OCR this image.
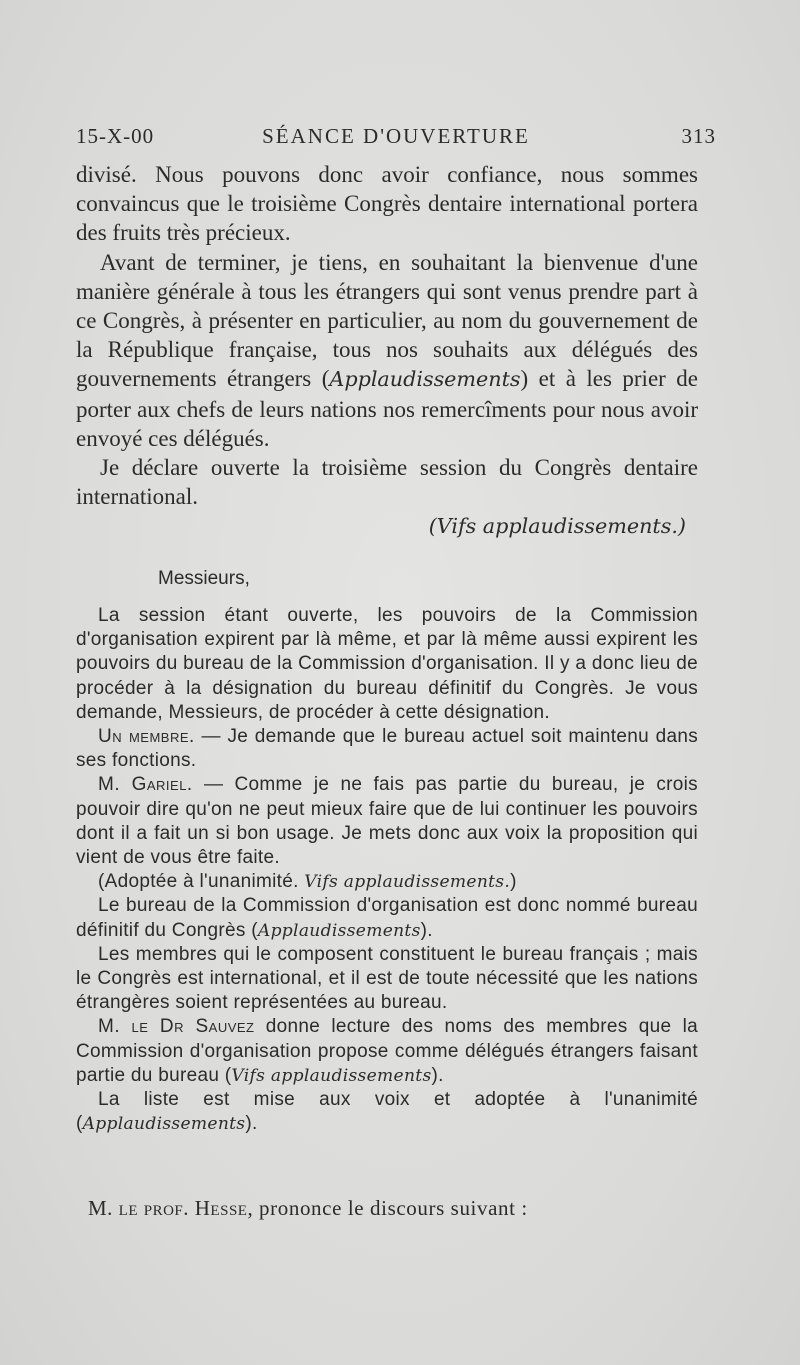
15-X-00	SÉANCE D'OUVERTURE	313

divisé. Nous pouvons donc avoir confiance, nous sommes convaincus que le troisième Congrès dentaire international portera des fruits très précieux.

Avant de terminer, je tiens, en souhaitant la bienvenue d'une manière générale à tous les étrangers qui sont venus prendre part à ce Congrès, à présenter en particulier, au nom du gouvernement de la République française, tous nos souhaits aux délégués des gouvernements étrangers (Applaudissements) et à les prier de porter aux chefs de leurs nations nos remercîments pour nous avoir envoyé ces délégués.

Je déclare ouverte la troisième session du Congrès dentaire international.

(Vifs applaudissements.)

Messieurs,

La session étant ouverte, les pouvoirs de la Commission d'organisation expirent par là même, et par là même aussi expirent les pouvoirs du bureau de la Commission d'organisation. Il y a donc lieu de procéder à la désignation du bureau définitif du Congrès. Je vous demande, Messieurs, de procéder à cette désignation.

Un membre. — Je demande que le bureau actuel soit maintenu dans ses fonctions.

M. Gariel. — Comme je ne fais pas partie du bureau, je crois pouvoir dire qu'on ne peut mieux faire que de lui continuer les pouvoirs dont il a fait un si bon usage. Je mets donc aux voix la proposition qui vient de vous être faite.

(Adoptée à l'unanimité. Vifs applaudissements.)

Le bureau de la Commission d'organisation est donc nommé bureau définitif du Congrès (Applaudissements).

Les membres qui le composent constituent le bureau français ; mais le Congrès est international, et il est de toute nécessité que les nations étrangères soient représentées au bureau.

M. le Dr Sauvez donne lecture des noms des membres que la Commission d'organisation propose comme délégués étrangers faisant partie du bureau (Vifs applaudissements).

La liste est mise aux voix et adoptée à l'unanimité (Applaudissements).

M. le prof. Hesse, prononce le discours suivant :
